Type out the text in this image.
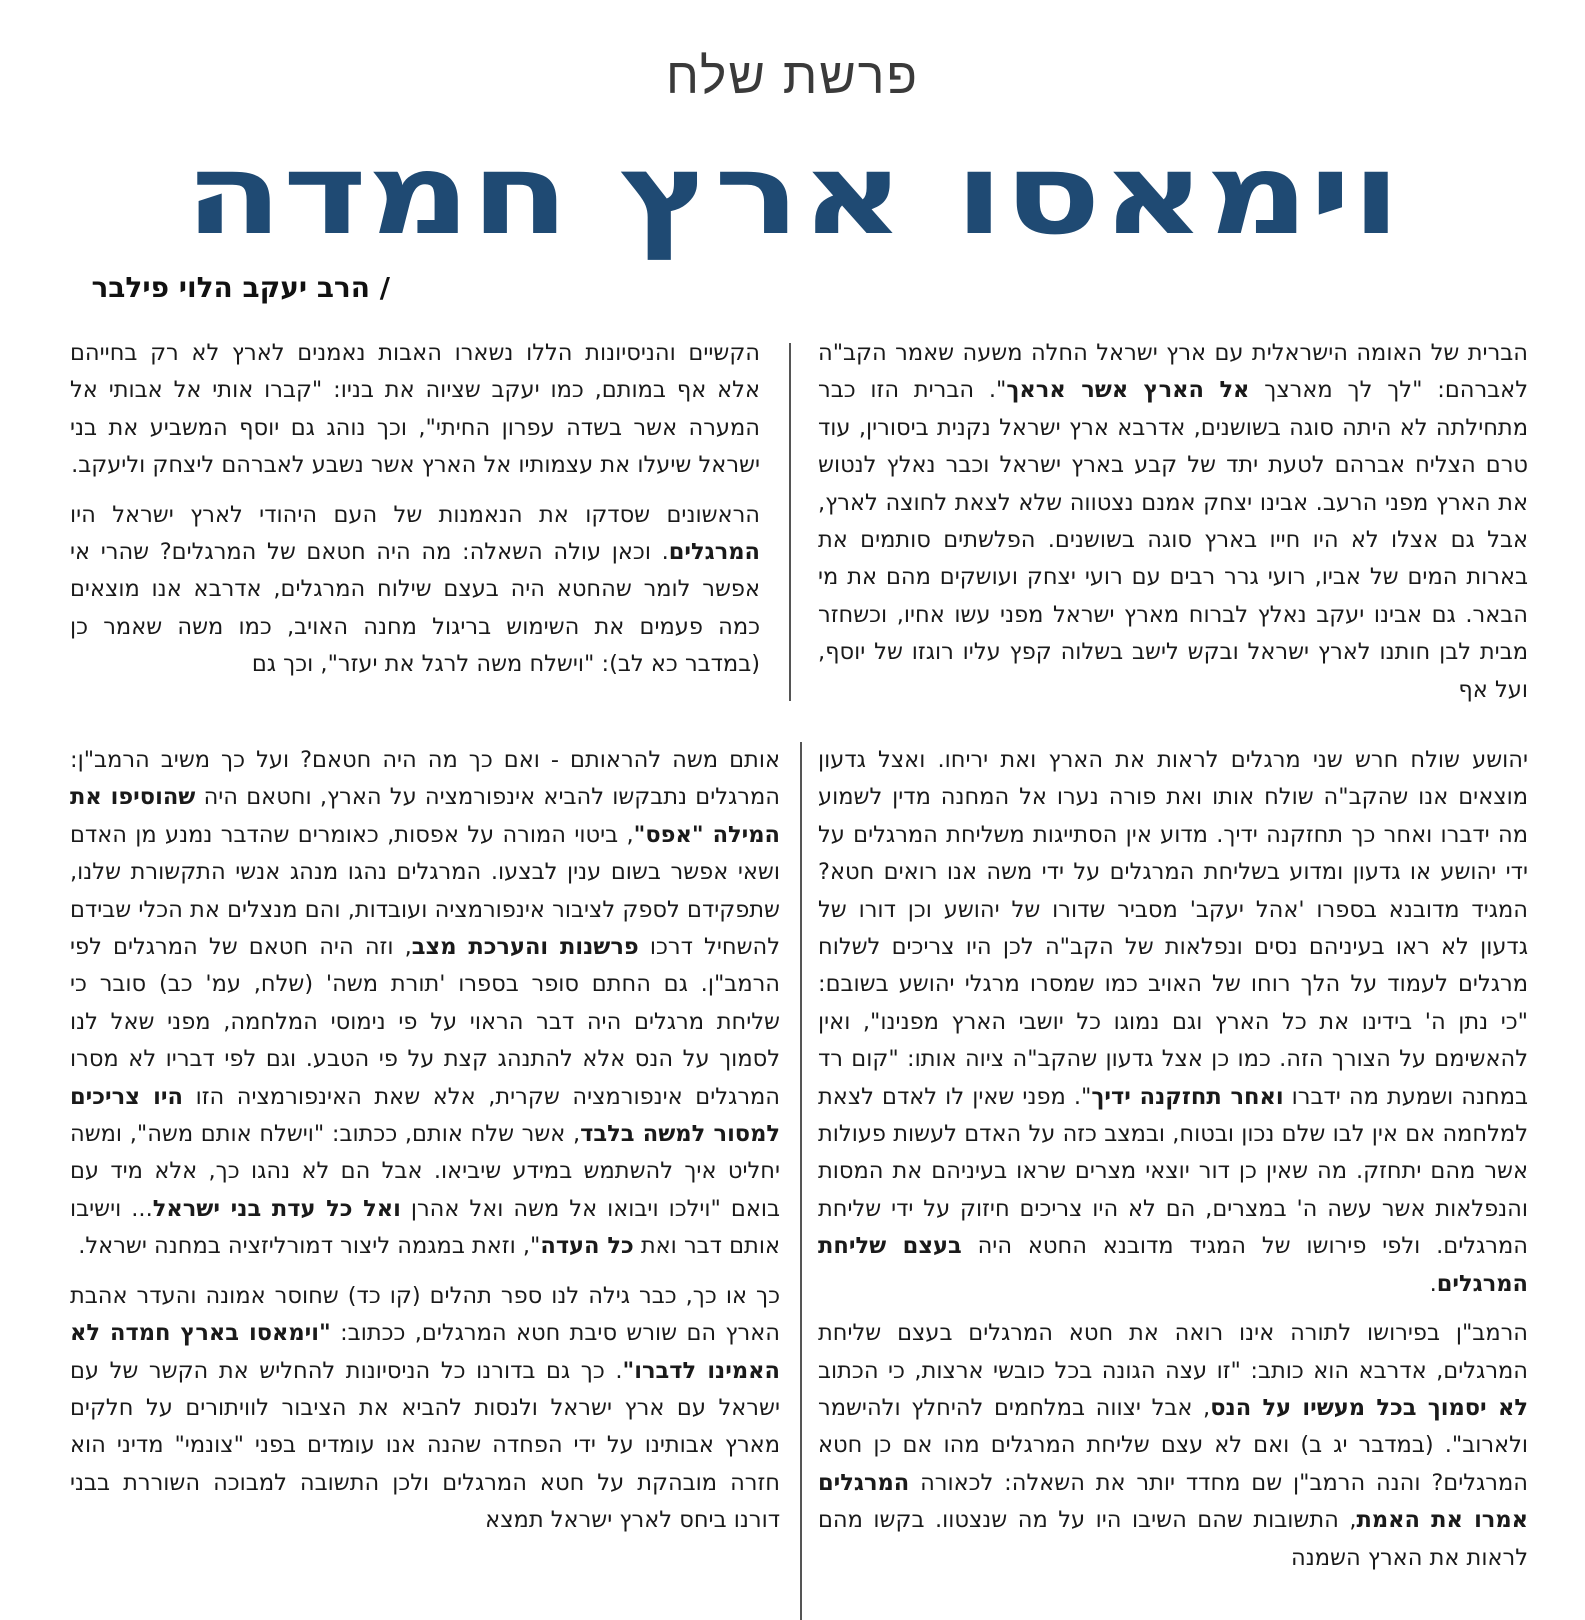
פרשת שלח
וימאסו ארץ חמדה
/ הרב יעקב הלוי פילבר

הברית של האומה הישראלית עם ארץ ישראל החלה משעה שאמר הקב"ה לאברהם: "לך לך מארצך אל הארץ אשר אראך". הברית הזו כבר מתחילתה לא היתה סוגה בשושנים, אדרבא ארץ ישראל נקנית ביסורין, עוד טרם הצליח אברהם לטעת יתד של קבע בארץ ישראל וכבר נאלץ לנטוש את הארץ מפני הרעב. אבינו יצחק אמנם נצטווה שלא לצאת לחוצה לארץ, אבל גם אצלו לא היו חייו בארץ סוגה בשושנים. הפלשתים סותמים את בארות המים של אביו, רועי גרר רבים עם רועי יצחק ועושקים מהם את מי הבאר. גם אבינו יעקב נאלץ לברוח מארץ ישראל מפני עשו אחיו, וכשחזר מבית לבן חותנו לארץ ישראל ובקש לישב בשלוה קפץ עליו רוגזו של יוסף, ועל אף

הקשיים והניסיונות הללו נשארו האבות נאמנים לארץ לא רק בחייהם אלא אף במותם, כמו יעקב שציוה את בניו: "קברו אותי אל אבותי אל המערה אשר בשדה עפרון החיתי", וכך נוהג גם יוסף המשביע את בני ישראל שיעלו את עצמותיו אל הארץ אשר נשבע לאברהם ליצחק וליעקב.

הראשונים שסדקו את הנאמנות של העם היהודי לארץ ישראל היו המרגלים. וכאן עולה השאלה: מה היה חטאם של המרגלים? שהרי אי אפשר לומר שהחטא היה בעצם שילוח המרגלים, אדרבא אנו מוצאים כמה פעמים את השימוש בריגול מחנה האויב, כמו משה שאמר כן (במדבר כא לב): "וישלח משה לרגל את יעזר", וכך גם

יהושע שולח חרש שני מרגלים לראות את הארץ ואת יריחו. ואצל גדעון מוצאים אנו שהקב"ה שולח אותו ואת פורה נערו אל המחנה מדין לשמוע מה ידברו ואחר כך תחזקנה ידיך. מדוע אין הסתייגות משליחת המרגלים על ידי יהושע או גדעון ומדוע בשליחת המרגלים על ידי משה אנו רואים חטא? המגיד מדובנא בספרו 'אהל יעקב' מסביר שדורו של יהושע וכן דורו של גדעון לא ראו בעיניהם נסים ונפלאות של הקב"ה לכן היו צריכים לשלוח מרגלים לעמוד על הלך רוחו של האויב כמו שמסרו מרגלי יהושע בשובם: "כי נתן ה' בידינו את כל הארץ וגם נמוגו כל יושבי הארץ מפנינו", ואין להאשימם על הצורך הזה. כמו כן אצל גדעון שהקב"ה ציוה אותו: "קום רד במחנה ושמעת מה ידברו ואחר תחזקנה ידיך". מפני שאין לו לאדם לצאת למלחמה אם אין לבו שלם נכון ובטוח, ובמצב כזה על האדם לעשות פעולות אשר מהם יתחזק. מה שאין כן דור יוצאי מצרים שראו בעיניהם את המסות והנפלאות אשר עשה ה' במצרים, הם לא היו צריכים חיזוק על ידי שליחת המרגלים. ולפי פירושו של המגיד מדובנא החטא היה בעצם שליחת המרגלים.

הרמב"ן בפירושו לתורה אינו רואה את חטא המרגלים בעצם שליחת המרגלים, אדרבא הוא כותב: "זו עצה הגונה בכל כובשי ארצות, כי הכתוב לא יסמוך בכל מעשיו על הנס, אבל יצווה במלחמים להיחלץ ולהישמר ולארוב". (במדבר יג ב) ואם לא עצם שליחת המרגלים מהו אם כן חטא המרגלים? והנה הרמב"ן שם מחדד יותר את השאלה: לכאורה המרגלים אמרו את האמת, התשובות שהם השיבו היו על מה שנצטוו. בקשו מהם לראות את הארץ השמנה

אותם משה להראותם - ואם כך מה היה חטאם? ועל כך משיב הרמב"ן: המרגלים נתבקשו להביא אינפורמציה על הארץ, וחטאם היה שהוסיפו את המילה "אפס", ביטוי המורה על אפסות, כאומרים שהדבר נמנע מן האדם ושאי אפשר בשום ענין לבצעו. המרגלים נהגו מנהג אנשי התקשורת שלנו, שתפקידם לספק לציבור אינפורמציה ועובדות, והם מנצלים את הכלי שבידם להשחיל דרכו פרשנות והערכת מצב, וזה היה חטאם של המרגלים לפי הרמב"ן. גם החתם סופר בספרו 'תורת משה' (שלח, עמ' כב) סובר כי שליחת מרגלים היה דבר הראוי על פי נימוסי המלחמה, מפני שאל לנו לסמוך על הנס אלא להתנהג קצת על פי הטבע. וגם לפי דבריו לא מסרו המרגלים אינפורמציה שקרית, אלא שאת האינפורמציה הזו היו צריכים למסור למשה בלבד, אשר שלח אותם, ככתוב: "וישלח אותם משה", ומשה יחליט איך להשתמש במידע שיביאו. אבל הם לא נהגו כך, אלא מיד עם בואם "וילכו ויבואו אל משה ואל אהרן ואל כל עדת בני ישראל... וישיבו אותם דבר ואת כל העדה", וזאת במגמה ליצור דמורליזציה במחנה ישראל.

כך או כך, כבר גילה לנו ספר תהלים (קו כד) שחוסר אמונה והעדר אהבת הארץ הם שורש סיבת חטא המרגלים, ככתוב: "וימאסו בארץ חמדה לא האמינו לדברו". כך גם בדורנו כל הניסיונות להחליש את הקשר של עם ישראל עם ארץ ישראל ולנסות להביא את הציבור לוויתורים על חלקים מארץ אבותינו על ידי הפחדה שהנה אנו עומדים בפני "צונמי" מדיני הוא חזרה מובהקת על חטא המרגלים ולכן התשובה למבוכה השוררת בבני דורנו ביחס לארץ ישראל תמצא
